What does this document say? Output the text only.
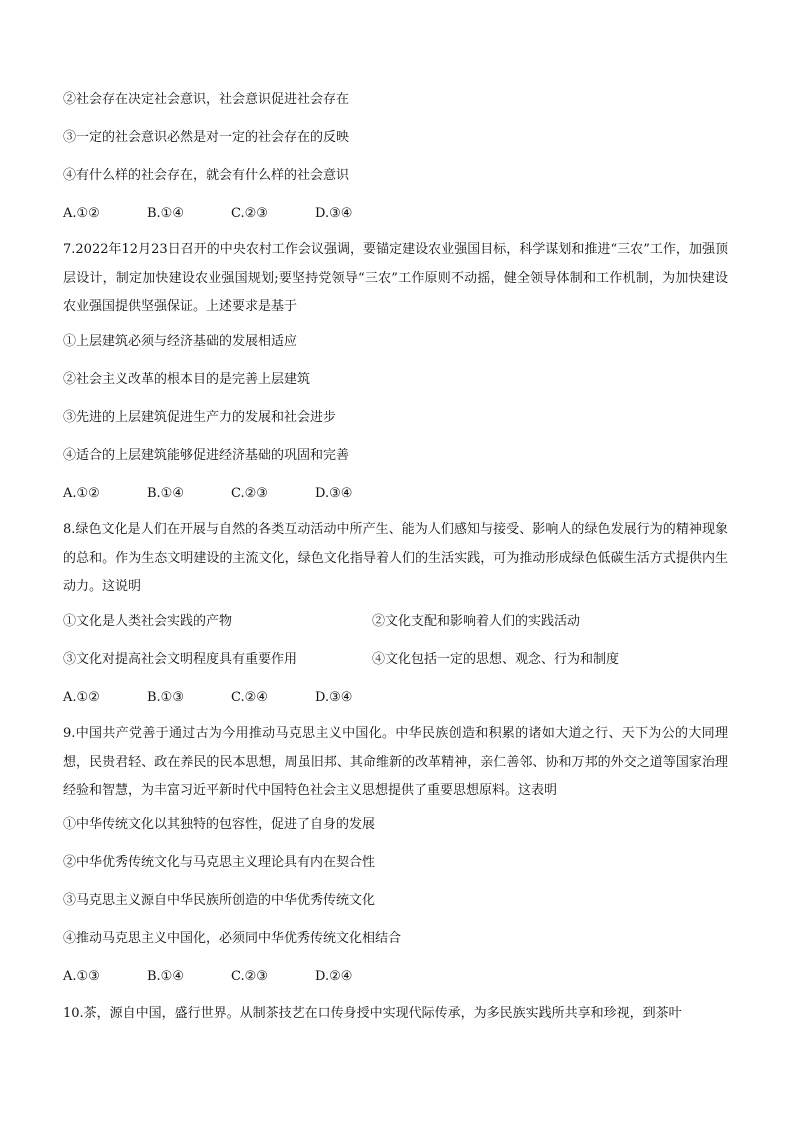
②社会存在决定社会意识，社会意识促进社会存在
③一定的社会意识必然是对一定的社会存在的反映
④有什么样的社会存在，就会有什么样的社会意识
A.①②	B.①④	C.②③	D.③④
7.2022年12月23日召开的中央农村工作会议强调，要锚定建设农业强国目标，科学谋划和推进“三农”工作，加强顶层设计，制定加快建设农业强国规划;要坚持党领导“三农”工作原则不动摇，健全领导体制和工作机制，为加快建设农业强国提供坚强保证。上述要求是基于
①上层建筑必须与经济基础的发展相适应
②社会主义改革的根本目的是完善上层建筑
③先进的上层建筑促进生产力的发展和社会进步
④适合的上层建筑能够促进经济基础的巩固和完善
A.①②	B.①④	C.②③	D.③④
8.绿色文化是人们在开展与自然的各类互动活动中所产生、能为人们感知与接受、影响人的绿色发展行为的精神现象的总和。作为生态文明建设的主流文化，绿色文化指导着人们的生活实践，可为推动形成绿色低碳生活方式提供内生动力。这说明
①文化是人类社会实践的产物	②文化支配和影响着人们的实践活动
③文化对提高社会文明程度具有重要作用	④文化包括一定的思想、观念、行为和制度
A.①②	B.①③	C.②④	D.③④
9.中国共产党善于通过古为今用推动马克思主义中国化。中华民族创造和积累的诸如大道之行、天下为公的大同理想，民贵君轻、政在养民的民本思想，周虽旧邦、其命维新的改革精神，亲仁善邻、协和万邦的外交之道等国家治理经验和智慧，为丰富习近平新时代中国特色社会主义思想提供了重要思想原料。这表明
①中华传统文化以其独特的包容性，促进了自身的发展
②中华优秀传统文化与马克思主义理论具有内在契合性
③马克思主义源自中华民族所创造的中华优秀传统文化
④推动马克思主义中国化，必须同中华优秀传统文化相结合
A.①③	B.①④	C.②③	D.②④
10.茶，源自中国，盛行世界。从制茶技艺在口传身授中实现代际传承，为多民族实践所共享和珍视，到茶叶
